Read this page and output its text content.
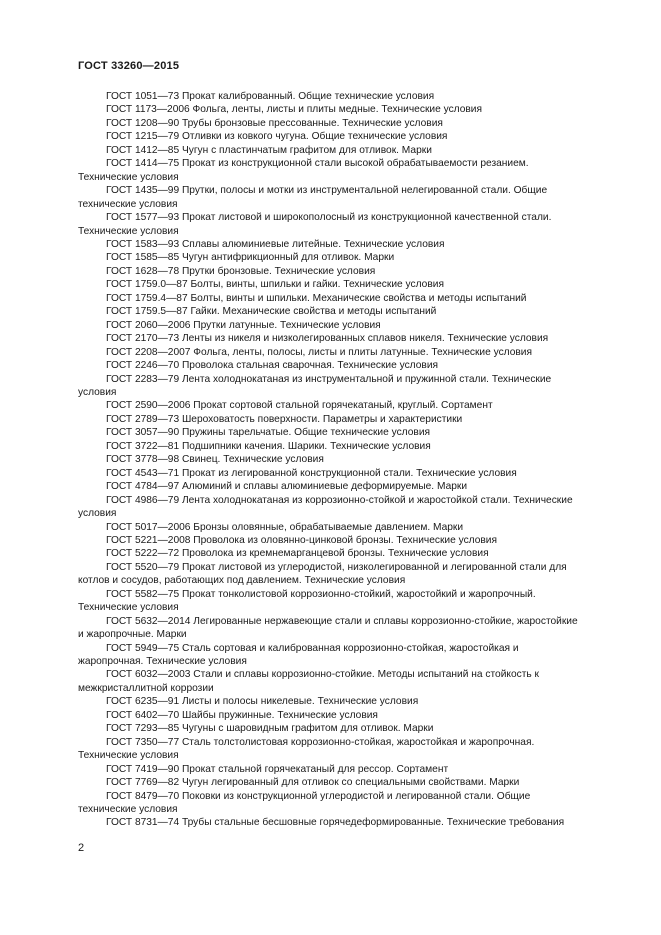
ГОСТ 33260—2015
ГОСТ 1051—73 Прокат калиброванный. Общие технические условия
ГОСТ 1173—2006 Фольга, ленты, листы и плиты медные. Технические условия
ГОСТ 1208—90 Трубы бронзовые прессованные. Технические условия
ГОСТ 1215—79 Отливки из ковкого чугуна. Общие технические условия
ГОСТ 1412—85 Чугун с пластинчатым графитом для отливок. Марки
ГОСТ 1414—75 Прокат из конструкционной стали высокой обрабатываемости резанием. Технические условия
ГОСТ 1435—99 Прутки, полосы и мотки из инструментальной нелегированной стали. Общие технические условия
ГОСТ 1577—93 Прокат листовой и широкополосный из конструкционной качественной стали. Технические условия
ГОСТ 1583—93 Сплавы алюминиевые литейные. Технические условия
ГОСТ 1585—85 Чугун антифрикционный для отливок. Марки
ГОСТ 1628—78 Прутки бронзовые. Технические условия
ГОСТ 1759.0—87 Болты, винты, шпильки и гайки. Технические условия
ГОСТ 1759.4—87 Болты, винты и шпильки. Механические свойства и методы испытаний
ГОСТ 1759.5—87 Гайки. Механические свойства и методы испытаний
ГОСТ 2060—2006 Прутки латунные. Технические условия
ГОСТ 2170—73 Ленты из никеля и низколегированных сплавов никеля. Технические условия
ГОСТ 2208—2007 Фольга, ленты, полосы, листы и плиты латунные. Технические условия
ГОСТ 2246—70 Проволока стальная сварочная. Технические условия
ГОСТ 2283—79 Лента холоднокатаная из инструментальной и пружинной стали. Технические условия
ГОСТ 2590—2006 Прокат сортовой стальной горячекатаный, круглый. Сортамент
ГОСТ 2789—73 Шероховатость поверхности. Параметры и характеристики
ГОСТ 3057—90 Пружины тарельчатые. Общие технические условия
ГОСТ 3722—81 Подшипники качения. Шарики. Технические условия
ГОСТ 3778—98 Свинец. Технические условия
ГОСТ 4543—71 Прокат из легированной конструкционной стали. Технические условия
ГОСТ 4784—97 Алюминий и сплавы алюминиевые деформируемые. Марки
ГОСТ 4986—79 Лента холоднокатаная из коррозионно-стойкой и жаростойкой стали. Технические условия
ГОСТ 5017—2006 Бронзы оловянные, обрабатываемые давлением. Марки
ГОСТ 5221—2008 Проволока из оловянно-цинковой бронзы. Технические условия
ГОСТ 5222—72 Проволока из кремнемарганцевой бронзы. Технические условия
ГОСТ 5520—79 Прокат листовой из углеродистой, низколегированной и легированной стали для котлов и сосудов, работающих под давлением. Технические условия
ГОСТ 5582—75 Прокат тонколистовой коррозионно-стойкий, жаростойкий и жаропрочный. Технические условия
ГОСТ 5632—2014 Легированные нержавеющие стали и сплавы коррозионно-стойкие, жаростойкие и жаропрочные. Марки
ГОСТ 5949—75 Сталь сортовая и калиброванная коррозионно-стойкая, жаростойкая и жаропрочная. Технические условия
ГОСТ 6032—2003 Стали и сплавы коррозионно-стойкие. Методы испытаний на стойкость к межкристаллитной коррозии
ГОСТ 6235—91 Листы и полосы никелевые. Технические условия
ГОСТ 6402—70 Шайбы пружинные. Технические условия
ГОСТ 7293—85 Чугуны с шаровидным графитом для отливок. Марки
ГОСТ 7350—77 Сталь толстолистовая коррозионно-стойкая, жаростойкая и жаропрочная. Технические условия
ГОСТ 7419—90 Прокат стальной горячекатаный для рессор. Сортамент
ГОСТ 7769—82 Чугун легированный для отливок со специальными свойствами. Марки
ГОСТ 8479—70 Поковки из конструкционной углеродистой и легированной стали. Общие технические условия
ГОСТ 8731—74 Трубы стальные бесшовные горячедеформированные. Технические требования
2
